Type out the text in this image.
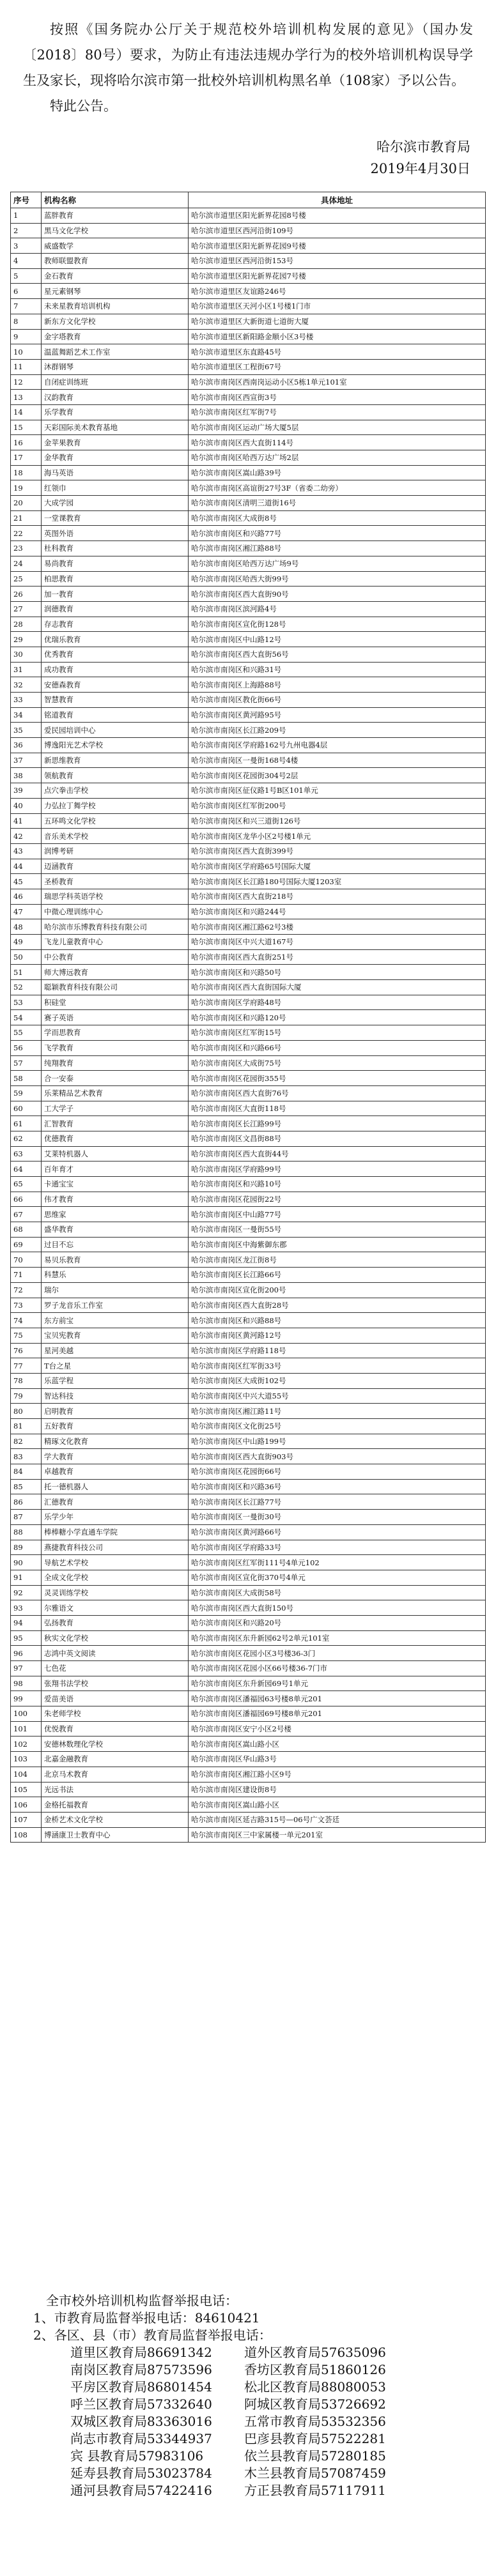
按照《国务院办公厅关于规范校外培训机构发展的意见》（国办发〔2018〕80号）要求，为防止有违法违规办学行为的校外培训机构误导学生及家长，现将哈尔滨市第一批校外培训机构黑名单（108家）予以公告。
特此公告。
哈尔滨市教育局
2019年4月30日
序号	机构名称	具体地址
1	蓝胖教育	哈尔滨市道里区阳光新界花园8号楼
2	黑马文化学校	哈尔滨市道里区西河沿街109号
3	威盛数学	哈尔滨市道里区阳光新界花园9号楼
4	教师联盟教育	哈尔滨市道里区西河沿街153号
5	金石教育	哈尔滨市道里区阳光新界花园7号楼
6	星元素钢琴	哈尔滨市道里区友谊路246号
7	未来星教育培训机构	哈尔滨市道里区天河小区1号楼1门市
8	新东方文化学校	哈尔滨市道里区大新街道七道街大厦
9	金字塔教育	哈尔滨市道里区新阳路金顺小区3号楼
10	温蓝舞蹈艺术工作室	哈尔滨市道里区东直路45号
11	沐群钢琴	哈尔滨市道里区工程街67号
12	自闭症训练班	哈尔滨市南岗区西南岗运动小区5栋1单元101室
13	汉韵教育	哈尔滨市南岗区西宣街3号
14	乐学教育	哈尔滨市南岗区红军街7号
15	天彩国际美术教育基地	哈尔滨市南岗区运动广场大厦5层
16	金苹果教育	哈尔滨市南岗区西大直街114号
17	金华教育	哈尔滨市南岗区哈西万达广场2层
18	海马英语	哈尔滨市南岗区嵩山路39号
19	红领巾	哈尔滨市南岗区高谊街27号3F（省委二幼旁）
20	大成学园	哈尔滨市南岗区清明三道街16号
21	一堂课教育	哈尔滨市南岗区大成街8号
22	英图外语	哈尔滨市南岗区和兴路77号
23	杜科教育	哈尔滨市南岗区湘江路88号
24	易尚教育	哈尔滨市南岗区哈西万达广场9号
25	柏思教育	哈尔滨市南岗区哈西大街99号
26	加一教育	哈尔滨市南岗区西大直街90号
27	润德教育	哈尔滨市南岗区滨河路4号
28	存志教育	哈尔滨市南岗区宣化街128号
29	优瑞乐教育	哈尔滨市南岗区中山路12号
30	优秀教育	哈尔滨市南岗区西大直街56号
31	成功教育	哈尔滨市南岗区和兴路31号
32	安德森教育	哈尔滨市南岗区上海路88号
33	智慧教育	哈尔滨市南岗区教化街66号
34	铭道教育	哈尔滨市南岗区黄河路95号
35	爱民园培训中心	哈尔滨市南岗区长江路209号
36	博逸阳光艺术学校	哈尔滨市南岗区学府路162号九州电器4层
37	新思维教育	哈尔滨市南岗区一曼街168号4楼
38	领航教育	哈尔滨市南岗区花园街304号2层
39	点穴拳击学校	哈尔滨市南岗区征仪路1号B区101单元
40	力弘拉丁舞学校	哈尔滨市南岗区红军街200号
41	五环鸣文化学校	哈尔滨市南岗区和兴三道街126号
42	音乐美术学校	哈尔滨市南岗区龙华小区2号楼1单元
43	润博考研	哈尔滨市南岗区西大直街399号
44	迈涵教育	哈尔滨市南岗区学府路65号国际大厦
45	圣桥教育	哈尔滨市南岗区长江路180号国际大厦1203室
46	瑞思学科英语学校	哈尔滨市南岗区西大直街218号
47	中微心理训练中心	哈尔滨市南岗区和兴路244号
48	哈尔滨市乐博教育科技有限公司	哈尔滨市南岗区湘江路62号3楼
49	飞龙儿童教育中心	哈尔滨市南岗区中兴大道167号
50	中公教育	哈尔滨市南岗区西大直街251号
51	师大博远教育	哈尔滨市南岗区和兴路50号
52	聪颖教育科技有限公司	哈尔滨市南岗区西大直街国际大厦
53	积硅堂	哈尔滨市南岗区学府路48号
54	赛子英语	哈尔滨市南岗区和兴路120号
55	学而思教育	哈尔滨市南岗区红军街15号
56	飞学教育	哈尔滨市南岗区和兴路66号
57	纯翔教育	哈尔滨市南岗区大成街75号
58	合一安泰	哈尔滨市南岗区花园街355号
59	乐莱精品艺术教育	哈尔滨市南岗区西大直街76号
60	工大学子	哈尔滨市南岗区大直街118号
61	汇智教育	哈尔滨市南岗区长江路99号
62	优德教育	哈尔滨市南岗区文昌街88号
63	艾莱特机器人	哈尔滨市南岗区西大直街44号
64	百年育才	哈尔滨市南岗区学府路99号
65	卡通宝宝	哈尔滨市南岗区和兴路10号
66	伟才教育	哈尔滨市南岗区花园街22号
67	思维家	哈尔滨市南岗区中山路77号
68	盛华教育	哈尔滨市南岗区一曼街55号
69	过目不忘	哈尔滨市南岗区中海紫御东郡
70	易贝乐教育	哈尔滨市南岗区龙江街8号
71	科慧乐	哈尔滨市南岗区长江路66号
72	瑞尔	哈尔滨市南岗区宣化街200号
73	罗子龙音乐工作室	哈尔滨市南岗区西大直街28号
74	东方前宝	哈尔滨市南岗区和兴路88号
75	宝贝宪教育	哈尔滨市南岗区黄河路12号
76	星河美越	哈尔滨市南岗区学府路118号
77	T台之星	哈尔滨市南岗区红军街33号
78	乐蓝学程	哈尔滨市南岗区大成街102号
79	智达科技	哈尔滨市南岗区中兴大道55号
80	启明教育	哈尔滨市南岗区湘江路11号
81	五好教育	哈尔滨市南岗区文化街25号
82	精琢文化教育	哈尔滨市南岗区中山路199号
83	学大教育	哈尔滨市南岗区西大直街903号
84	卓越教育	哈尔滨市南岗区花园街66号
85	托一德机器人	哈尔滨市南岗区和兴路36号
86	汇德教育	哈尔滨市南岗区长江路77号
87	乐学少年	哈尔滨市南岗区一曼街30号
88	棒棒糖小学直通车学院	哈尔滨市南岗区黄河路66号
89	燕捷教育科技公司	哈尔滨市南岗区学府路33号
90	导航艺术学校	哈尔滨市南岗区红军街111号4单元102
91	全成文化学校	哈尔滨市南岗区宣化街370号4单元
92	灵灵训练学校	哈尔滨市南岗区大成街58号
93	尔雅语文	哈尔滨市南岗区西大直街150号
94	弘扬教育	哈尔滨市南岗区和兴路20号
95	秋实文化学校	哈尔滨市南岗区东升新园62号2单元101室
96	志鸿中英文阅读	哈尔滨市南岗区花园小区3号楼36-3门
97	七色花	哈尔滨市南岗区花园小区66号楼36-7门市
98	张翔书法学校	哈尔滨市南岗区东升新园69号1单元
99	爱苗美语	哈尔滨市南岗区潘福园63号楼8单元201
100	朱老师学校	哈尔滨市南岗区潘福园69号楼8单元201
101	优悦教育	哈尔滨市南岗区安宁小区2号楼
102	安德林数理化学校	哈尔滨市南岗区嵩山路小区
103	北嘉金融教育	哈尔滨市南岗区华山路3号
104	北京马术教育	哈尔滨市南岗区湘江路小区9号
105	光远书法	哈尔滨市南岗区建设街8号
106	金格托福教育	哈尔滨市南岗区嵩山路小区
107	金桥艺术文化学校	哈尔滨市南岗区延吉路315号—06号广文荟廷
108	博涵康卫士教育中心	哈尔滨市南岗区三中家属楼一单元201室
全市校外培训机构监督举报电话：
1、市教育局监督举报电话：84610421
2、各区、县（市）教育局监督举报电话：
道里区教育局86691342	道外区教育局57635096
南岗区教育局87573596	香坊区教育局51860126
平房区教育局86801454	松北区教育局88080053
呼兰区教育局57332640	阿城区教育局53726692
双城区教育局83363016	五常市教育局53532356
尚志市教育局53344937	巴彦县教育局57522281
宾 县教育局57983106	依兰县教育局57280185
延寿县教育局53023784	木兰县教育局57087459
通河县教育局57422416	方正县教育局57117911
